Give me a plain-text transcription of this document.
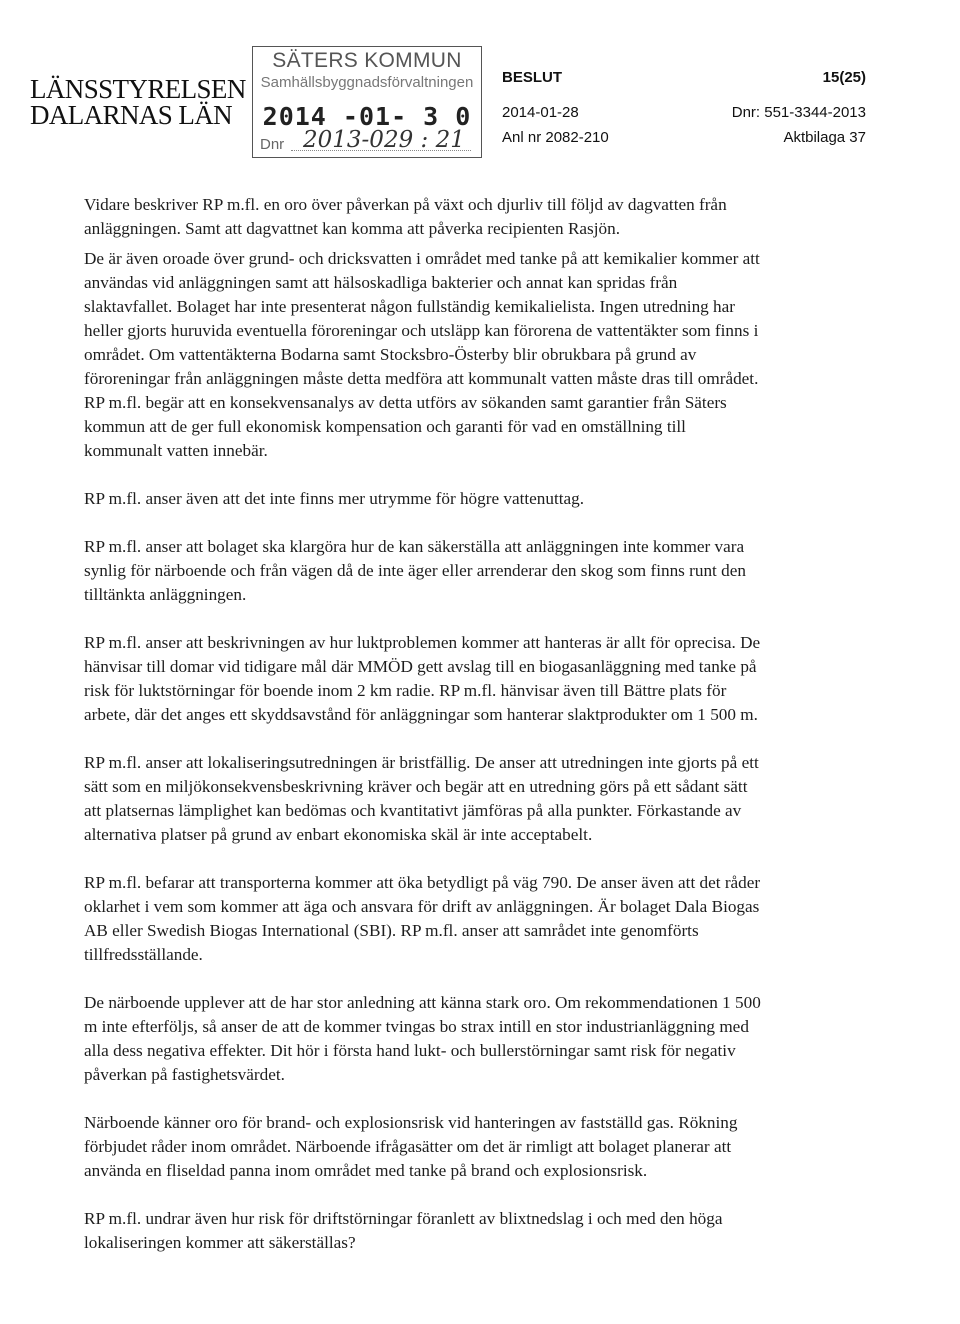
LÄNSSTYRELSEN
DALARNAS LÄN
SÄTERS KOMMUN
Samhällsbyggnadsförvaltningen
2014 -01- 3 0
Dnr 2013-029 : 21
BESLUT	15(25)
2014-01-28	Dnr: 551-3344-2013
Anl nr 2082-210	Aktbilaga 37

Vidare beskriver RP m.fl. en oro över påverkan på växt och djurliv till följd av dagvatten från anläggningen. Samt att dagvattnet kan komma att påverka recipienten Rasjön.

De är även oroade över grund- och dricksvatten i området med tanke på att kemikalier kommer att användas vid anläggningen samt att hälsoskadliga bakterier och annat kan spridas från slaktavfallet. Bolaget har inte presenterat någon fullständig kemikalielista. Ingen utredning har heller gjorts huruvida eventuella föroreningar och utsläpp kan förorena de vattentäkter som finns i området. Om vattentäkterna Bodarna samt Stocksbro-Österby blir obrukbara på grund av föroreningar från anläggningen måste detta medföra att kommunalt vatten måste dras till området. RP m.fl. begär att en konsekvensanalys av detta utförs av sökanden samt garantier från Säters kommun att de ger full ekonomisk kompensation och garanti för vad en omställning till kommunalt vatten innebär.

RP m.fl. anser även att det inte finns mer utrymme för högre vattenuttag.

RP m.fl. anser att bolaget ska klargöra hur de kan säkerställa att anläggningen inte kommer vara synlig för närboende och från vägen då de inte äger eller arrenderar den skog som finns runt den tilltänkta anläggningen.

RP m.fl. anser att beskrivningen av hur luktproblemen kommer att hanteras är allt för oprecisa. De hänvisar till domar vid tidigare mål där MMÖD gett avslag till en biogasanläggning med tanke på risk för luktstörningar för boende inom 2 km radie. RP m.fl. hänvisar även till Bättre plats för arbete, där det anges ett skyddsavstånd för anläggningar som hanterar slaktprodukter om 1 500 m.

RP m.fl. anser att lokaliseringsutredningen är bristfällig. De anser att utredningen inte gjorts på ett sätt som en miljökonsekvensbeskrivning kräver och begär att en utredning görs på ett sådant sätt att platsernas lämplighet kan bedömas och kvantitativt jämföras på alla punkter. Förkastande av alternativa platser på grund av enbart ekonomiska skäl är inte acceptabelt.

RP m.fl. befarar att transporterna kommer att öka betydligt på väg 790. De anser även att det råder oklarhet i vem som kommer att äga och ansvara för drift av anläggningen. Är bolaget Dala Biogas AB eller Swedish Biogas International (SBI). RP m.fl. anser att samrådet inte genomförts tillfredsställande.

De närboende upplever att de har stor anledning att känna stark oro. Om rekommendationen 1 500 m inte efterföljs, så anser de att de kommer tvingas bo strax intill en stor industrianläggning med alla dess negativa effekter. Dit hör i första hand lukt- och bullerstörningar samt risk för negativ påverkan på fastighetsvärdet.

Närboende känner oro för brand- och explosionsrisk vid hanteringen av fastställd gas. Rökning förbjudet råder inom området. Närboende ifrågasätter om det är rimligt att bolaget planerar att använda en fliseldad panna inom området med tanke på brand och explosionsrisk.

RP m.fl. undrar även hur risk för driftstörningar föranlett av blixtnedslag i och med den höga lokaliseringen kommer att säkerställas?
